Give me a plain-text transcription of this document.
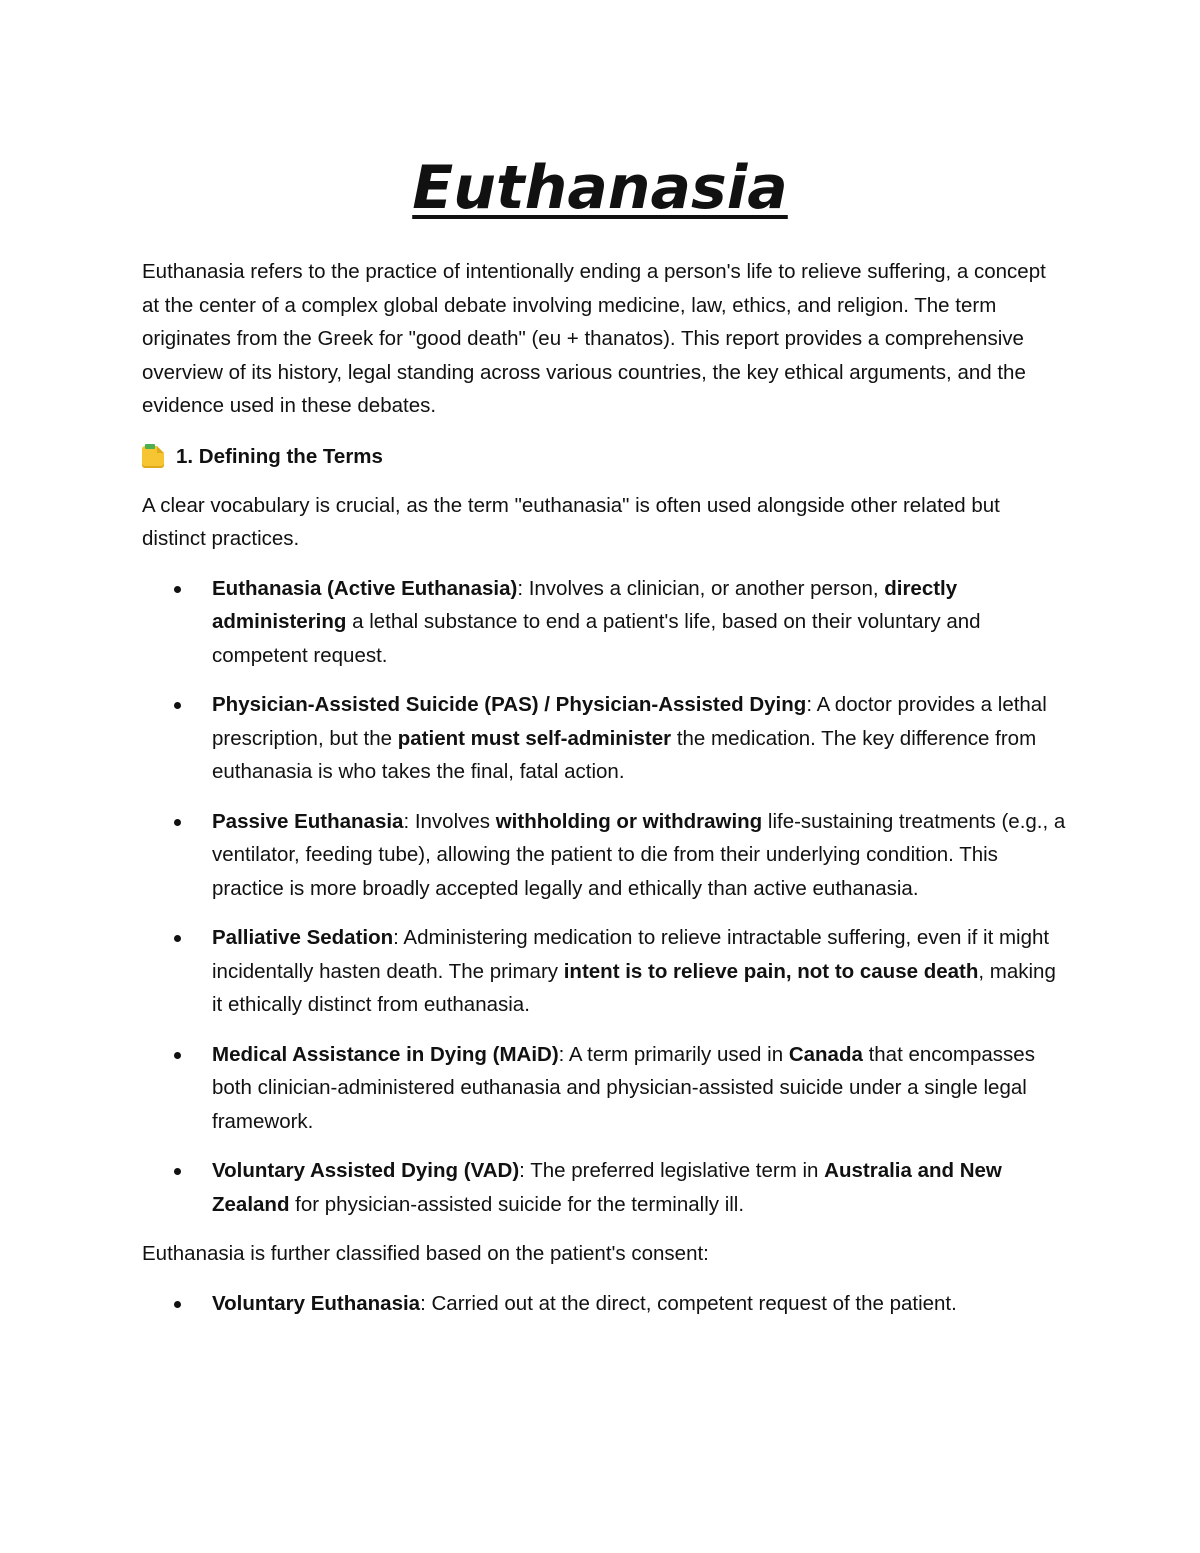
Euthanasia

Euthanasia refers to the practice of intentionally ending a person's life to relieve suffering, a concept at the center of a complex global debate involving medicine, law, ethics, and religion. The term originates from the Greek for "good death" (eu + thanatos). This report provides a comprehensive overview of its history, legal standing across various countries, the key ethical arguments, and the evidence used in these debates.

1. Defining the Terms

A clear vocabulary is crucial, as the term "euthanasia" is often used alongside other related but distinct practices.

Euthanasia (Active Euthanasia): Involves a clinician, or another person, directly administering a lethal substance to end a patient's life, based on their voluntary and competent request.
Physician-Assisted Suicide (PAS) / Physician-Assisted Dying: A doctor provides a lethal prescription, but the patient must self-administer the medication. The key difference from euthanasia is who takes the final, fatal action.
Passive Euthanasia: Involves withholding or withdrawing life-sustaining treatments (e.g., a ventilator, feeding tube), allowing the patient to die from their underlying condition. This practice is more broadly accepted legally and ethically than active euthanasia.
Palliative Sedation: Administering medication to relieve intractable suffering, even if it might incidentally hasten death. The primary intent is to relieve pain, not to cause death, making it ethically distinct from euthanasia.
Medical Assistance in Dying (MAiD): A term primarily used in Canada that encompasses both clinician-administered euthanasia and physician-assisted suicide under a single legal framework.
Voluntary Assisted Dying (VAD): The preferred legislative term in Australia and New Zealand for physician-assisted suicide for the terminally ill.

Euthanasia is further classified based on the patient's consent:

Voluntary Euthanasia: Carried out at the direct, competent request of the patient.
